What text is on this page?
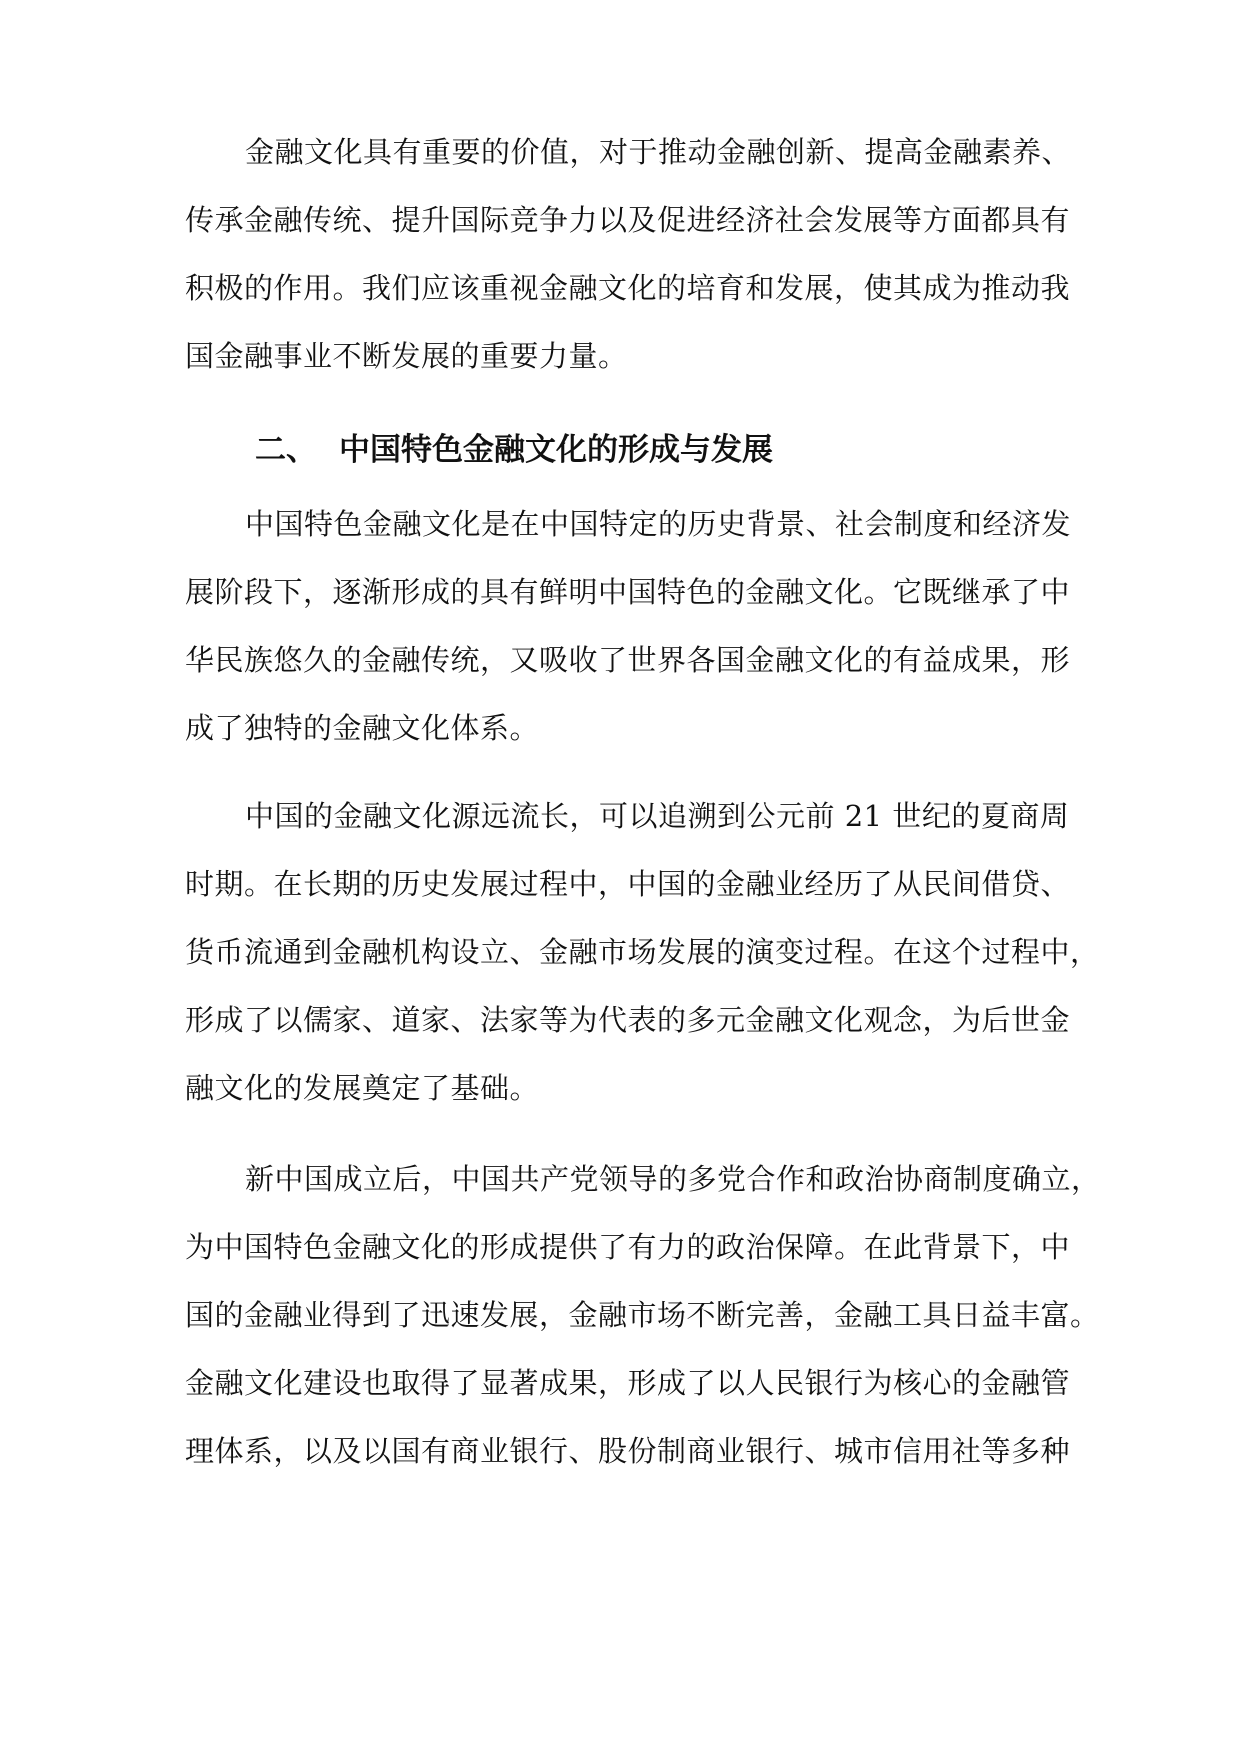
金融文化具有重要的价值，对于推动金融创新、提高金融素养、

传承金融传统、提升国际竞争力以及促进经济社会发展等方面都具有

积极的作用。我们应该重视金融文化的培育和发展，使其成为推动我

国金融事业不断发展的重要力量。

二、 中国特色金融文化的形成与发展

中国特色金融文化是在中国特定的历史背景、社会制度和经济发

展阶段下，逐渐形成的具有鲜明中国特色的金融文化。它既继承了中

华民族悠久的金融传统，又吸收了世界各国金融文化的有益成果，形

成了独特的金融文化体系。

中国的金融文化源远流长，可以追溯到公元前 21 世纪的夏商周

时期。在长期的历史发展过程中，中国的金融业经历了从民间借贷、

货币流通到金融机构设立、金融市场发展的演变过程。在这个过程中，

形成了以儒家、道家、法家等为代表的多元金融文化观念，为后世金

融文化的发展奠定了基础。

新中国成立后，中国共产党领导的多党合作和政治协商制度确立，

为中国特色金融文化的形成提供了有力的政治保障。在此背景下，中

国的金融业得到了迅速发展，金融市场不断完善，金融工具日益丰富。

金融文化建设也取得了显著成果，形成了以人民银行为核心的金融管

理体系，以及以国有商业银行、股份制商业银行、城市信用社等多种
